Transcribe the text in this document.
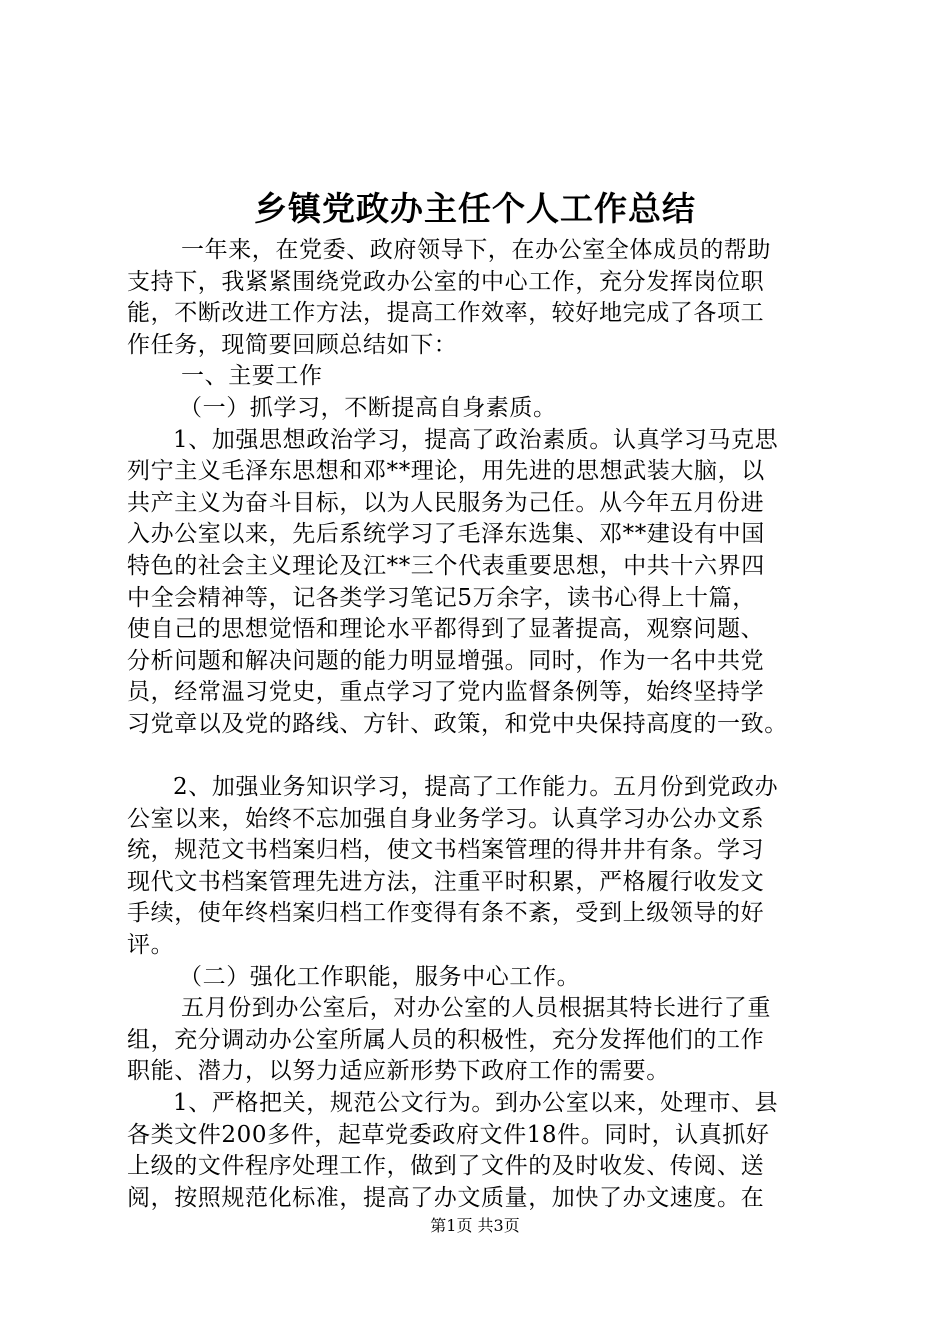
乡镇党政办主任个人工作总结
一年来，在党委、政府领导下，在办公室全体成员的帮助
支持下，我紧紧围绕党政办公室的中心工作，充分发挥岗位职
能，不断改进工作方法，提高工作效率，较好地完成了各项工
作任务，现简要回顾总结如下：
一、主要工作
（一）抓学习，不断提高自身素质。
1、加强思想政治学习，提高了政治素质。认真学习马克思
列宁主义毛泽东思想和邓**理论，用先进的思想武装大脑，以
共产主义为奋斗目标，以为人民服务为己任。从今年五月份进
入办公室以来，先后系统学习了毛泽东选集、邓**建设有中国
特色的社会主义理论及江**三个代表重要思想，中共十六界四
中全会精神等，记各类学习笔记5万余字，读书心得上十篇，
使自己的思想觉悟和理论水平都得到了显著提高，观察问题、
分析问题和解决问题的能力明显增强。同时，作为一名中共党
员，经常温习党史，重点学习了党内监督条例等，始终坚持学
习党章以及党的路线、方针、政策，和党中央保持高度的一致。
2、加强业务知识学习，提高了工作能力。五月份到党政办
公室以来，始终不忘加强自身业务学习。认真学习办公办文系
统，规范文书档案归档，使文书档案管理的得井井有条。学习
现代文书档案管理先进方法，注重平时积累，严格履行收发文
手续，使年终档案归档工作变得有条不紊，受到上级领导的好
评。
（二）强化工作职能，服务中心工作。
五月份到办公室后，对办公室的人员根据其特长进行了重
组，充分调动办公室所属人员的积极性，充分发挥他们的工作
职能、潜力，以努力适应新形势下政府工作的需要。
1、严格把关，规范公文行为。到办公室以来，处理市、县
各类文件200多件，起草党委政府文件18件。同时，认真抓好
上级的文件程序处理工作，做到了文件的及时收发、传阅、送
阅，按照规范化标准，提高了办文质量，加快了办文速度。在
第1页 共3页
